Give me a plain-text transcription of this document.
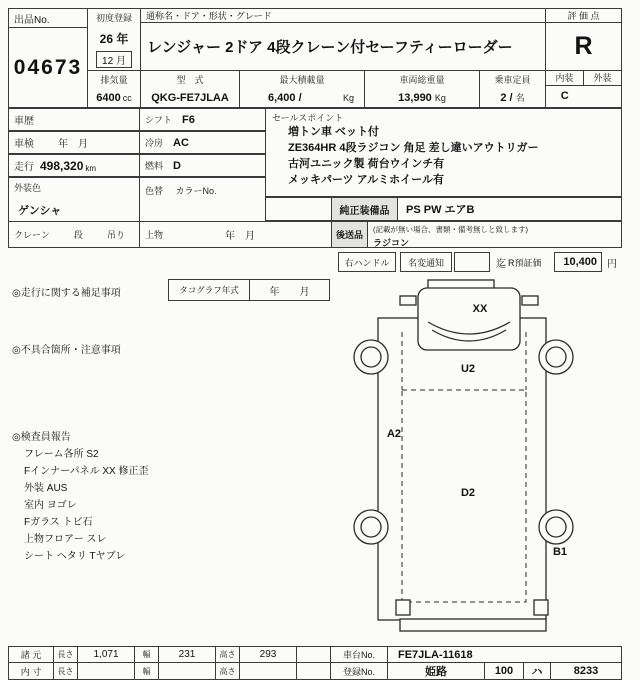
出品No.
04673
初度登録
26 年
12 月
通称名・ドア・形状・グレード
レンジャー 2ドア 4段クレーン付セーフティーローダー
評 価 点
R
排気量
6400 cc
型　式
QKG-FE7JLAA
最大積載量
6,400 /	Kg
車両総重量
13,990 Kg
乗車定員
2 / 名
内装	外装
C
車歴	シフト F6
車検 年　月	冷房 AC
走行 498,320 km	燃料 D
外装色
ゲンシャ
色替 カラーNo.
クレーン	段	吊り 上物	年　月
セールスポイント
増トン車 ベット付
ZE364HR 4段ラジコン 角足 差し違いアウトリガー
古河ユニック製 荷台ウインチ有
メッキパーツ アルミホイール有
純正装備品	PS PW エアB
後送品
(記載が無い場合、書類・備考無しと致します)
ラジコン
右ハンドル	名変通知	迄 R預証価	10,400	円
◎走行に関する補足事項	タコグラフ年式	年　　月
◎不具合箇所・注意事項
◎検査員報告
フレーム各所 S2
Fインナーパネル XX 修正歪
外装 AUS
室内 ヨゴレ
Fガラス トビ石
上物フロアー スレ
シート ヘタリ Tヤブレ
XX
U2
A2
D2
B1
諸 元	長さ	1,071	幅	231	高さ	293	車台No.	FE7JLA-11618
内 寸	長さ	幅	高さ	登録No.	姫路	100	ハ	8233
